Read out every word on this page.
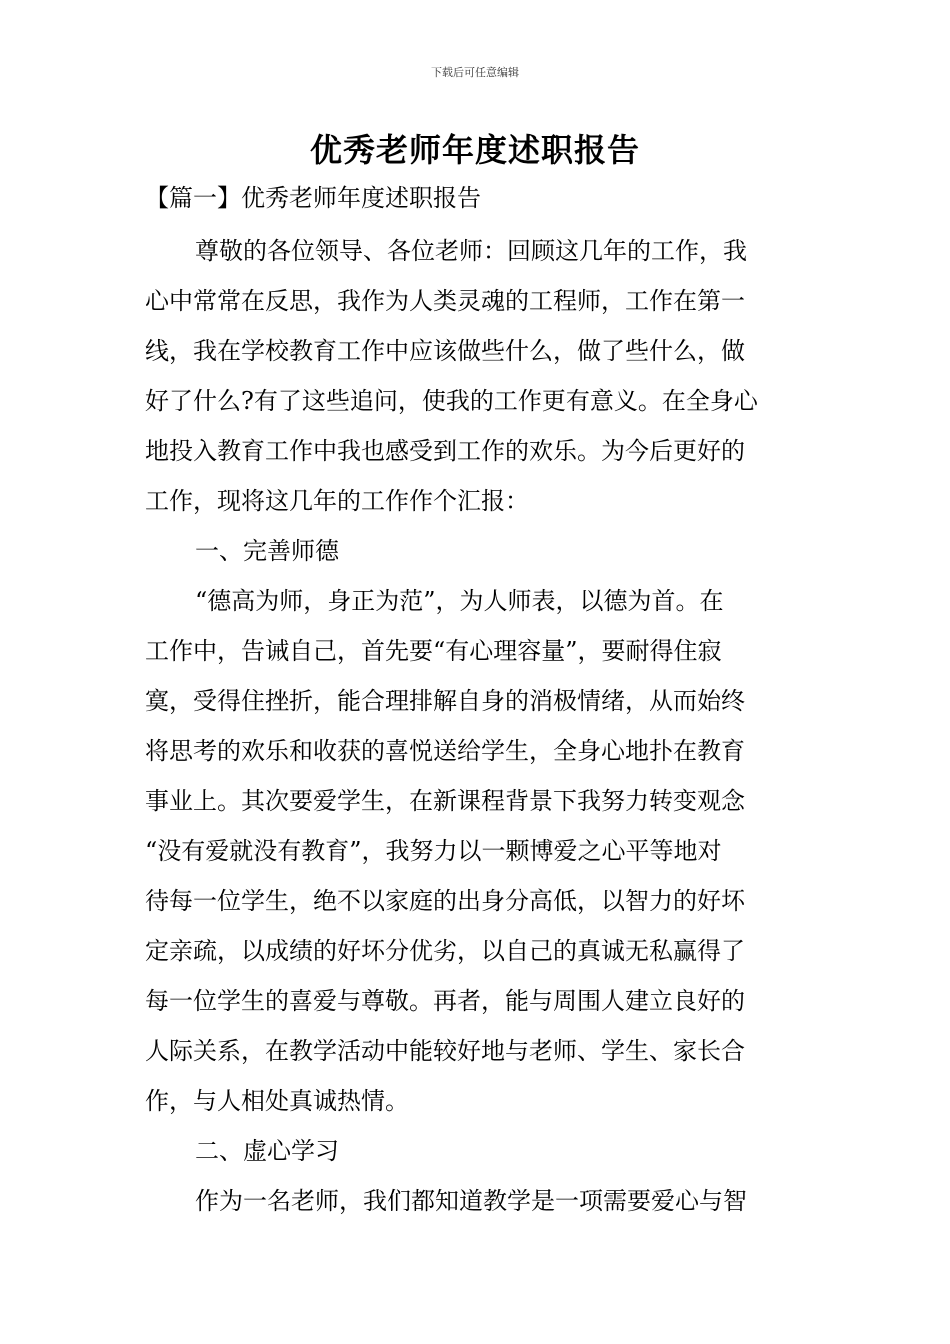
下载后可任意编辑
优秀老师年度述职报告
【篇一】优秀老师年度述职报告
尊敬的各位领导、各位老师：回顾这几年的工作，我
心中常常在反思，我作为人类灵魂的工程师，工作在第一
线，我在学校教育工作中应该做些什么，做了些什么，做
好了什么?有了这些追问，使我的工作更有意义。在全身心
地投入教育工作中我也感受到工作的欢乐。为今后更好的
工作，现将这几年的工作作个汇报：
一、完善师德
“德高为师，身正为范”，为人师表，以德为首。在
工作中，告诫自己，首先要“有心理容量”，要耐得住寂
寞，受得住挫折，能合理排解自身的消极情绪，从而始终
将思考的欢乐和收获的喜悦送给学生，全身心地扑在教育
事业上。其次要爱学生，在新课程背景下我努力转变观念
“没有爱就没有教育”，我努力以一颗博爱之心平等地对
待每一位学生，绝不以家庭的出身分高低，以智力的好坏
定亲疏，以成绩的好坏分优劣，以自己的真诚无私赢得了
每一位学生的喜爱与尊敬。再者，能与周围人建立良好的
人际关系，在教学活动中能较好地与老师、学生、家长合
作，与人相处真诚热情。
二、虚心学习
作为一名老师，我们都知道教学是一项需要爱心与智
